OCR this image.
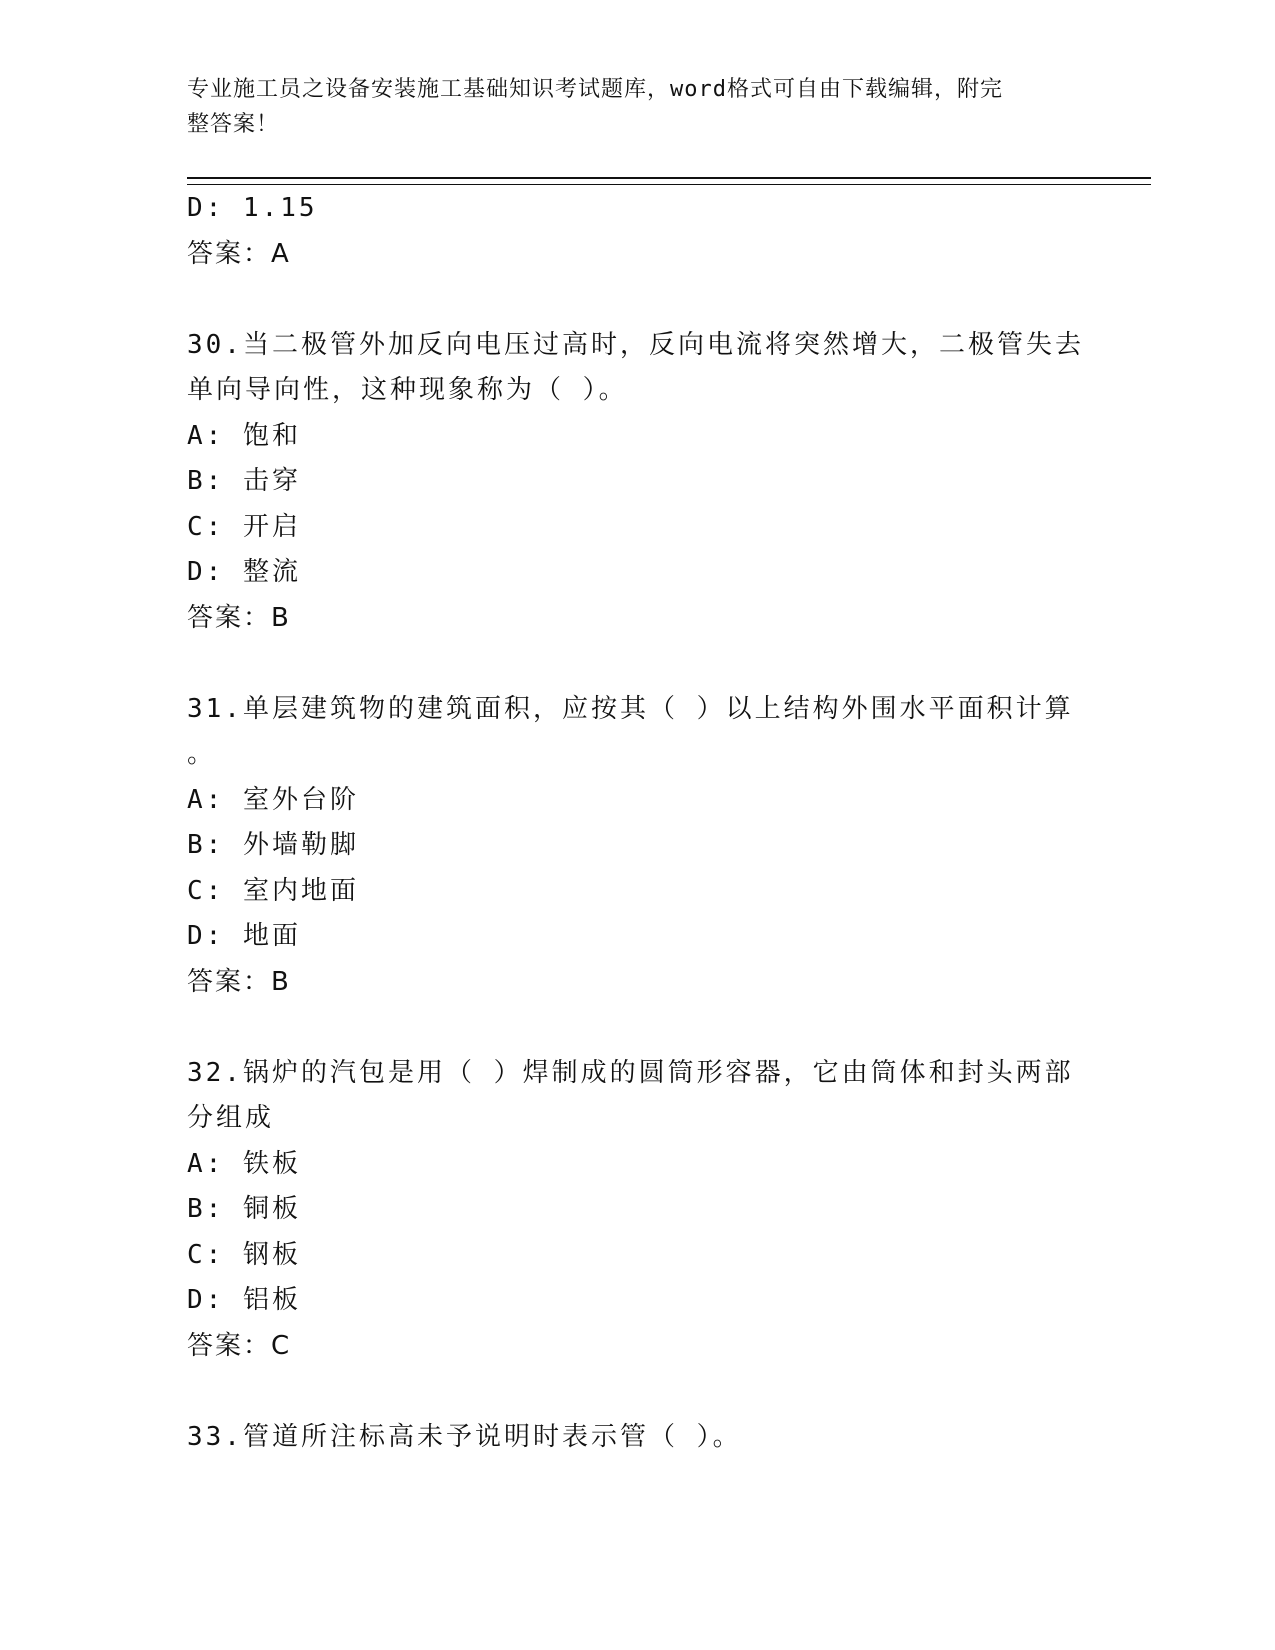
专业施工员之设备安装施工基础知识考试题库，word格式可自由下载编辑，附完
整答案！
D: 1.15
答案：A
30.当二极管外加反向电压过高时，反向电流将突然增大，二极管失去
单向导向性，这种现象称为（ ）。
A: 饱和
B: 击穿
C: 开启
D: 整流
答案：B
31.单层建筑物的建筑面积，应按其（ ）以上结构外围水平面积计算
。
A: 室外台阶
B: 外墙勒脚
C: 室内地面
D: 地面
答案：B
32.锅炉的汽包是用（ ）焊制成的圆筒形容器，它由筒体和封头两部
分组成
A: 铁板
B: 铜板
C: 钢板
D: 铝板
答案：C
33.管道所注标高未予说明时表示管（ ）。
